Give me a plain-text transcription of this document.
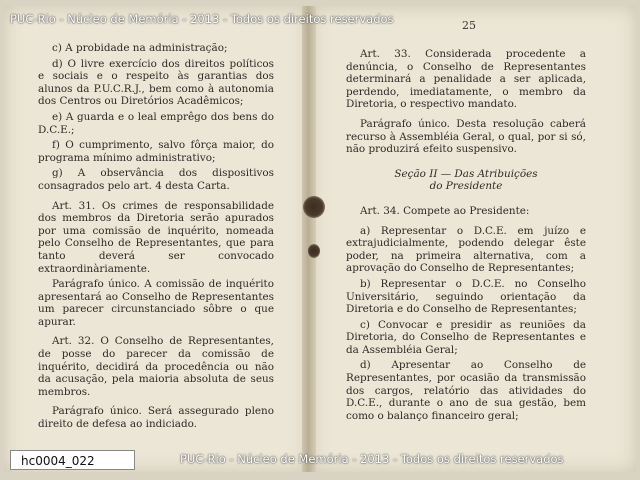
c) A probidade na administração;

d) O livre exercício dos direitos políticos e sociais e o respeito às garantias dos alunos da P.U.C.R.J., bem como à autonomia dos Centros ou Diretórios Acadêmicos;

e) A guarda e o leal emprêgo dos bens do D.C.E.;

f) O cumprimento, salvo fôrça maior, do programa mínimo administrativo;

g) A observância dos dispositivos consagrados pelo art. 4 desta Carta.

Art. 31. Os crimes de responsabilidade dos membros da Diretoria serão apurados por uma comissão de inquérito, nomeada pelo Conselho de Representantes, que para tanto deverá ser convocado extraordinàriamente.

Parágrafo único. A comissão de inquérito apresentará ao Conselho de Representantes um parecer circunstanciado sôbre o que apurar.

Art. 32. O Conselho de Representantes, de posse do parecer da comissão de inquérito, decidirá da procedência ou não da acusação, pela maioria absoluta de seus membros.

Parágrafo único. Será assegurado pleno direito de defesa ao indiciado.

25

Art. 33. Considerada procedente a denúncia, o Conselho de Representantes determinará a penalidade a ser aplicada, perdendo, imediatamente, o membro da Diretoria, o respectivo mandato.

Parágrafo único. Desta resolução caberá recurso à Assembléia Geral, o qual, por si só, não produzirá efeito suspensivo.

Seção II — Das Atribuições
do Presidente

Art. 34. Compete ao Presidente:

a) Representar o D.C.E. em juízo e extrajudicialmente, podendo delegar êste poder, na primeira alternativa, com a aprovação do Conselho de Representantes;

b) Representar o D.C.E. no Conselho Universitário, seguindo orientação da Diretoria e do Conselho de Representantes;

c) Convocar e presidir as reuniões da Diretoria, do Conselho de Representantes e da Assembléia Geral;

d) Apresentar ao Conselho de Representantes, por ocasião da transmissão dos cargos, relatório das atividades do D.C.E., durante o ano de sua gestão, bem como o balanço financeiro geral;

PUC-Rio - Núcleo de Memória - 2013 - Todos os direitos reservados
PUC-Rio - Núcleo de Memória - 2013 - Todos os direitos reservados
hc0004_022
